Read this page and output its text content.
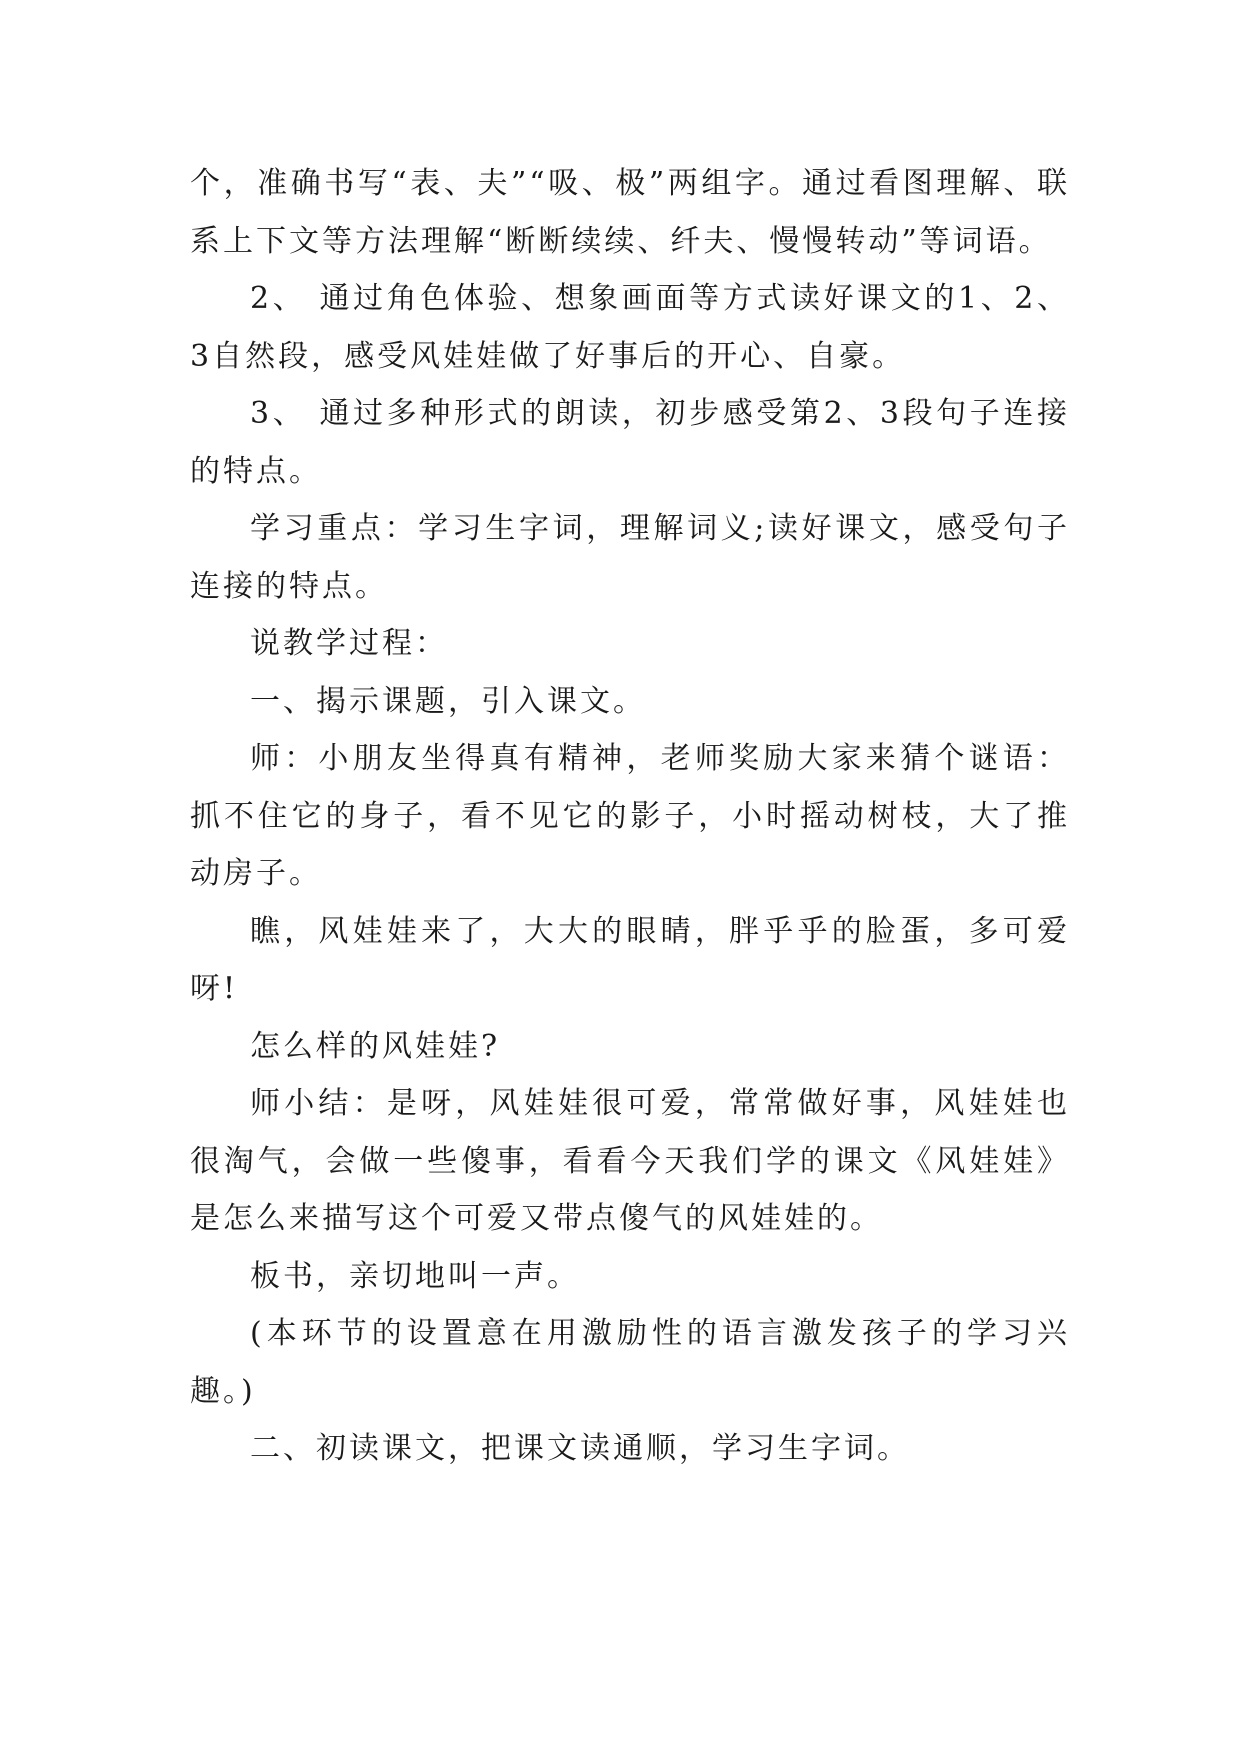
个，准确书写“表、夫”“吸、极”两组字。通过看图理解、联系上下文等方法理解“断断续续、纤夫、慢慢转动”等词语。

2、 通过角色体验、想象画面等方式读好课文的1、2、3自然段，感受风娃娃做了好事后的开心、自豪。

3、 通过多种形式的朗读，初步感受第2、3段句子连接的特点。

学习重点：学习生字词，理解词义;读好课文，感受句子连接的特点。

说教学过程：

一、揭示课题，引入课文。

师：小朋友坐得真有精神，老师奖励大家来猜个谜语：抓不住它的身子，看不见它的影子，小时摇动树枝，大了推动房子。

瞧，风娃娃来了，大大的眼睛，胖乎乎的脸蛋，多可爱呀!

怎么样的风娃娃?

师小结：是呀，风娃娃很可爱，常常做好事，风娃娃也很淘气，会做一些傻事，看看今天我们学的课文《风娃娃》是怎么来描写这个可爱又带点傻气的风娃娃的。

板书，亲切地叫一声。

(本环节的设置意在用激励性的语言激发孩子的学习兴趣。)

二、初读课文，把课文读通顺，学习生字词。
